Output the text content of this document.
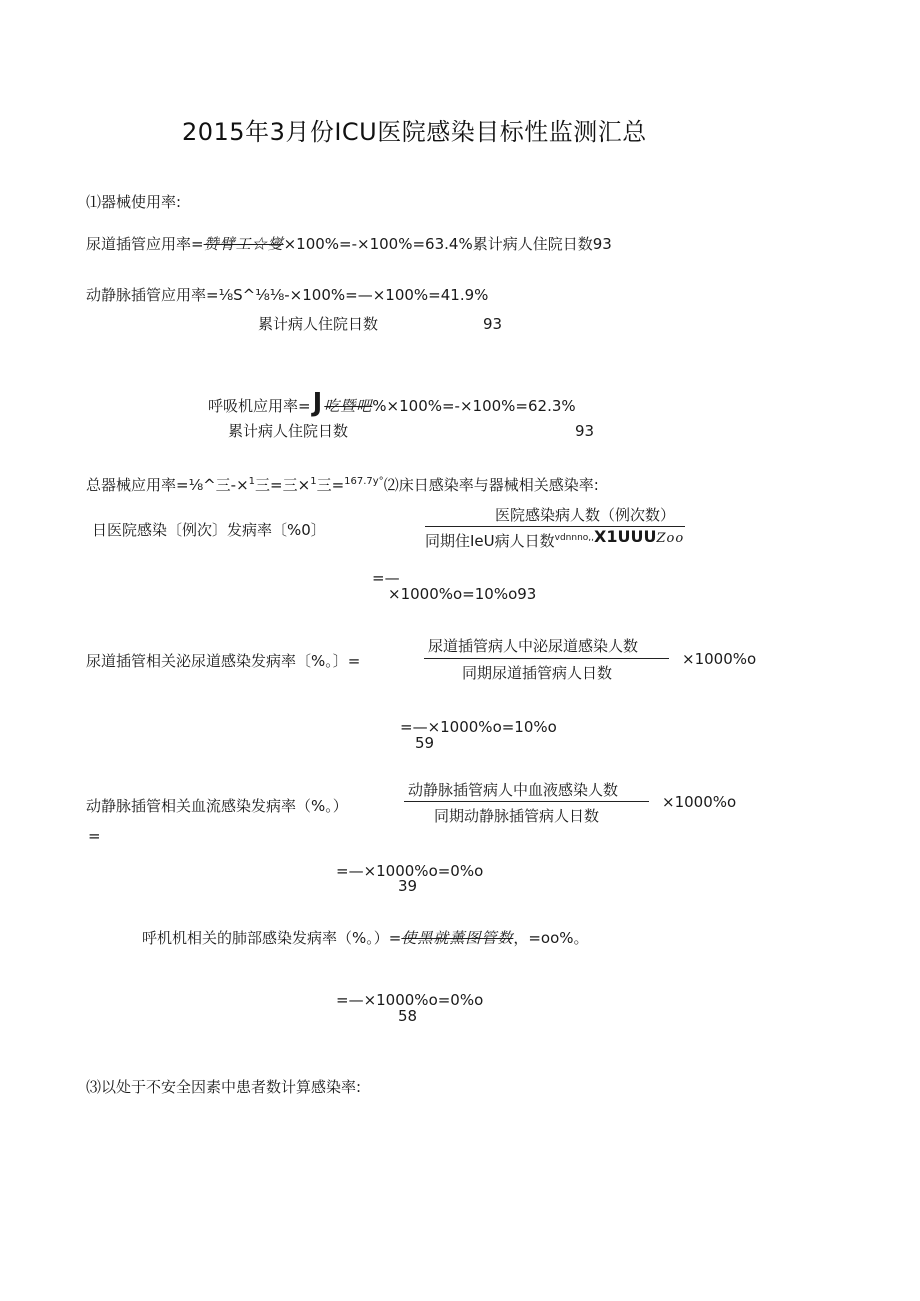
2015年3月份ICU医院感染目标性监测汇总
⑴器械使用率:
尿道插管应用率=赞臂工☆燮×100%=-×100%=63.4%累计病人住院日数93
动静脉插管应用率=⅛S^⅛⅛-×100%=—×100%=41.9%
累计病人住院日数	93
呼吸机应用率=J 吃暨吧%×100%=-×100%=62.3%
累计病人住院日数	93
总器械应用率=⅛^三-×$^1$三=三×$^1$三=$^{167.7y^\circ}$⑵床日感染率与器械相关感染率:
日医院感染〔例次〕发病率〔%0〕
医院感染病人数（例次数）
同期住IeU病人日数$^{vdnnno,,}$X1UUUZoo
=—
×1000%o=10%o93
尿道插管相关泌尿道感染发病率〔%。〕=
尿道插管病人中泌尿道感染人数
同期尿道插管病人日数
×1000%o
=—×1000%o=10%o
59
动静脉插管相关血流感染发病率（%。）
=
动静脉插管病人中血液感染人数
同期动静脉插管病人日数
×1000%o
=—×1000%o=0%o
39
呼机机相关的肺部感染发病率（%。）=使黑就薰图管数，=oo%。
=—×1000%o=0%o
58
⑶以处于不安全因素中患者数计算感染率:
